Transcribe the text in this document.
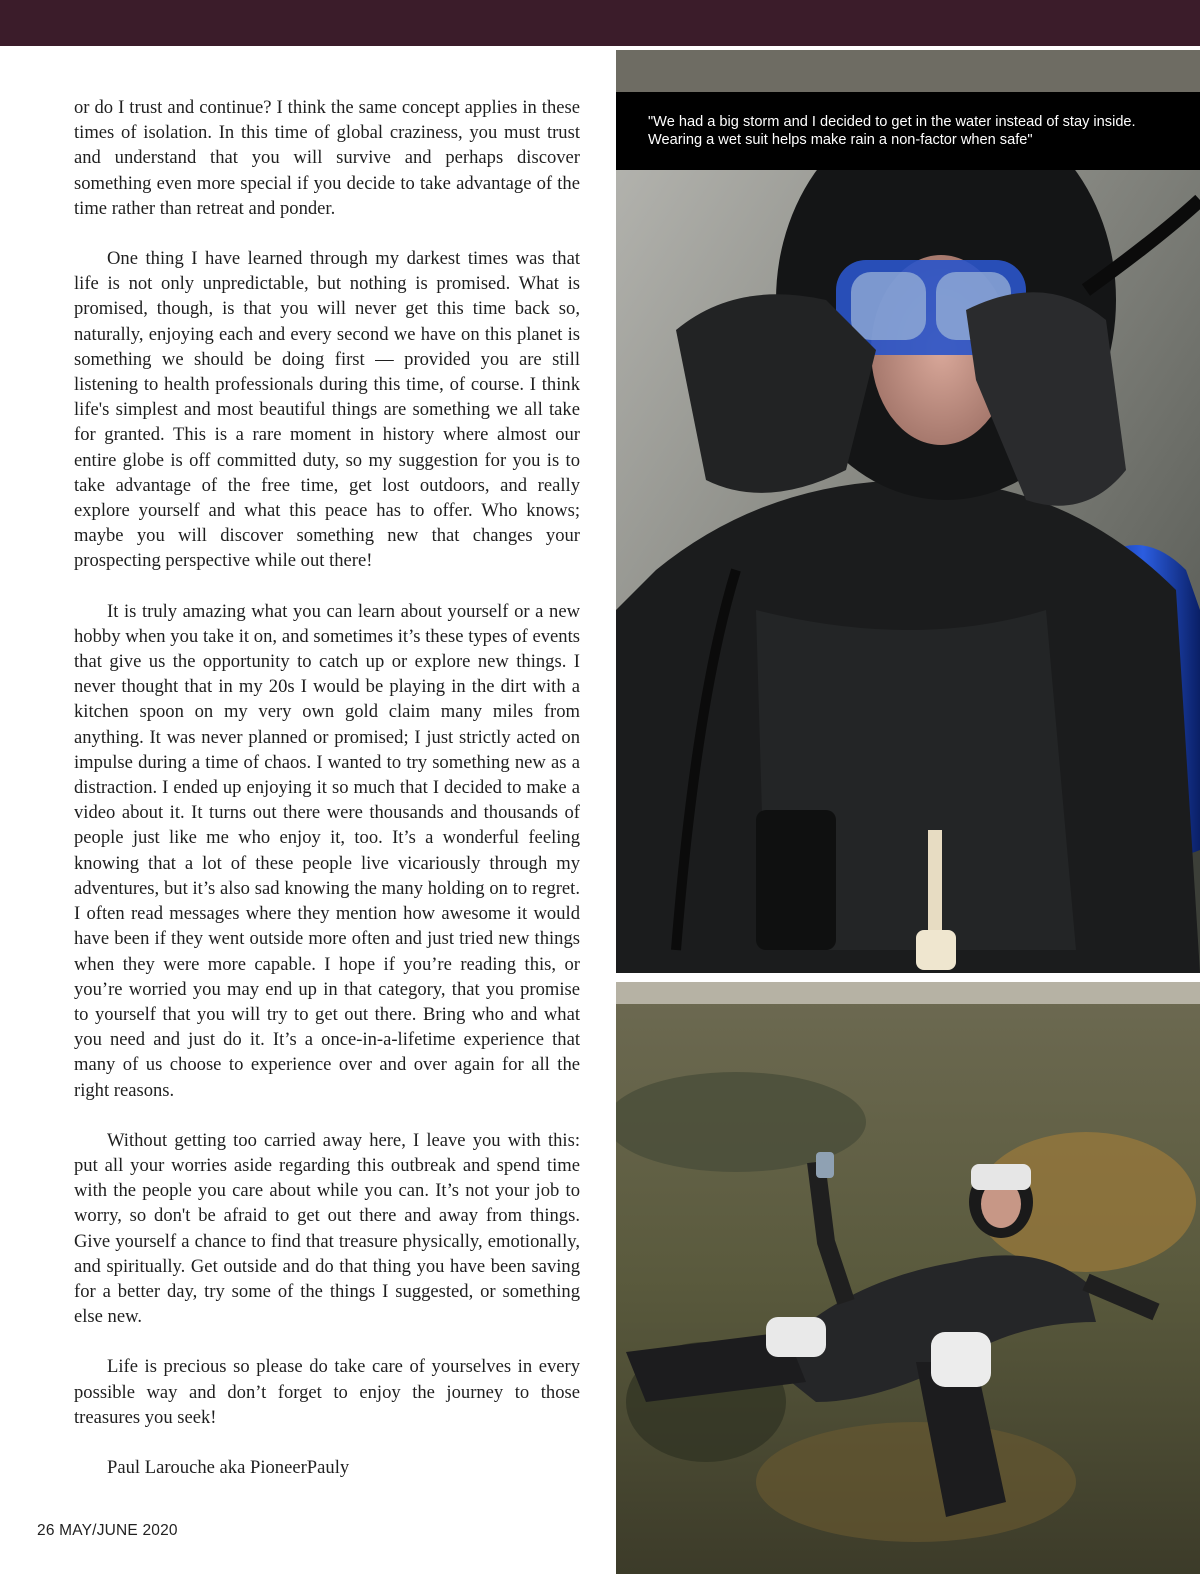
or do I trust and continue? I think the same concept applies in these times of isolation. In this time of global craziness, you must trust and understand that you will survive and perhaps discover something even more special if you decide to take advantage of the time rather than retreat and ponder.

One thing I have learned through my darkest times was that life is not only unpredictable, but nothing is promised. What is promised, though, is that you will never get this time back so, naturally, enjoying each and every second we have on this planet is something we should be doing first — provided you are still listening to health professionals during this time, of course. I think life's simplest and most beautiful things are something we all take for granted. This is a rare moment in history where almost our entire globe is off committed duty, so my suggestion for you is to take advantage of the free time, get lost outdoors, and really explore yourself and what this peace has to offer. Who knows; maybe you will discover something new that changes your prospecting perspective while out there!

It is truly amazing what you can learn about yourself or a new hobby when you take it on, and sometimes it’s these types of events that give us the opportunity to catch up or explore new things. I never thought that in my 20s I would be playing in the dirt with a kitchen spoon on my very own gold claim many miles from anything. It was never planned or promised; I just strictly acted on impulse during a time of chaos. I wanted to try something new as a distraction. I ended up enjoying it so much that I decided to make a video about it. It turns out there were thousands and thousands of people just like me who enjoy it, too. It’s a wonderful feeling knowing that a lot of these people live vicariously through my adventures, but it’s also sad knowing the many holding on to regret. I often read messages where they mention how awesome it would have been if they went outside more often and just tried new things when they were more capable. I hope if you’re reading this, or you’re worried you may end up in that category, that you promise to yourself that you will try to get out there. Bring who and what you need and just do it. It’s a once-in-a-lifetime experience that many of us choose to experience over and over again for all the right reasons.

Without getting too carried away here, I leave you with this: put all your worries aside regarding this outbreak and spend time with the people you care about while you can. It’s not your job to worry, so don't be afraid to get out there and away from things. Give yourself a chance to find that treasure physically, emotionally, and spiritually. Get outside and do that thing you have been saving for a better day, try some of the things I suggested, or something else new.

Life is precious so please do take care of yourselves in every possible way and don’t forget to enjoy the journey to those treasures you seek!

Paul Larouche aka PioneerPauly

26 MAY/JUNE 2020
"We had a big storm and I decided to get in the water instead of stay inside. Wearing a wet suit helps make rain a non-factor when safe"
